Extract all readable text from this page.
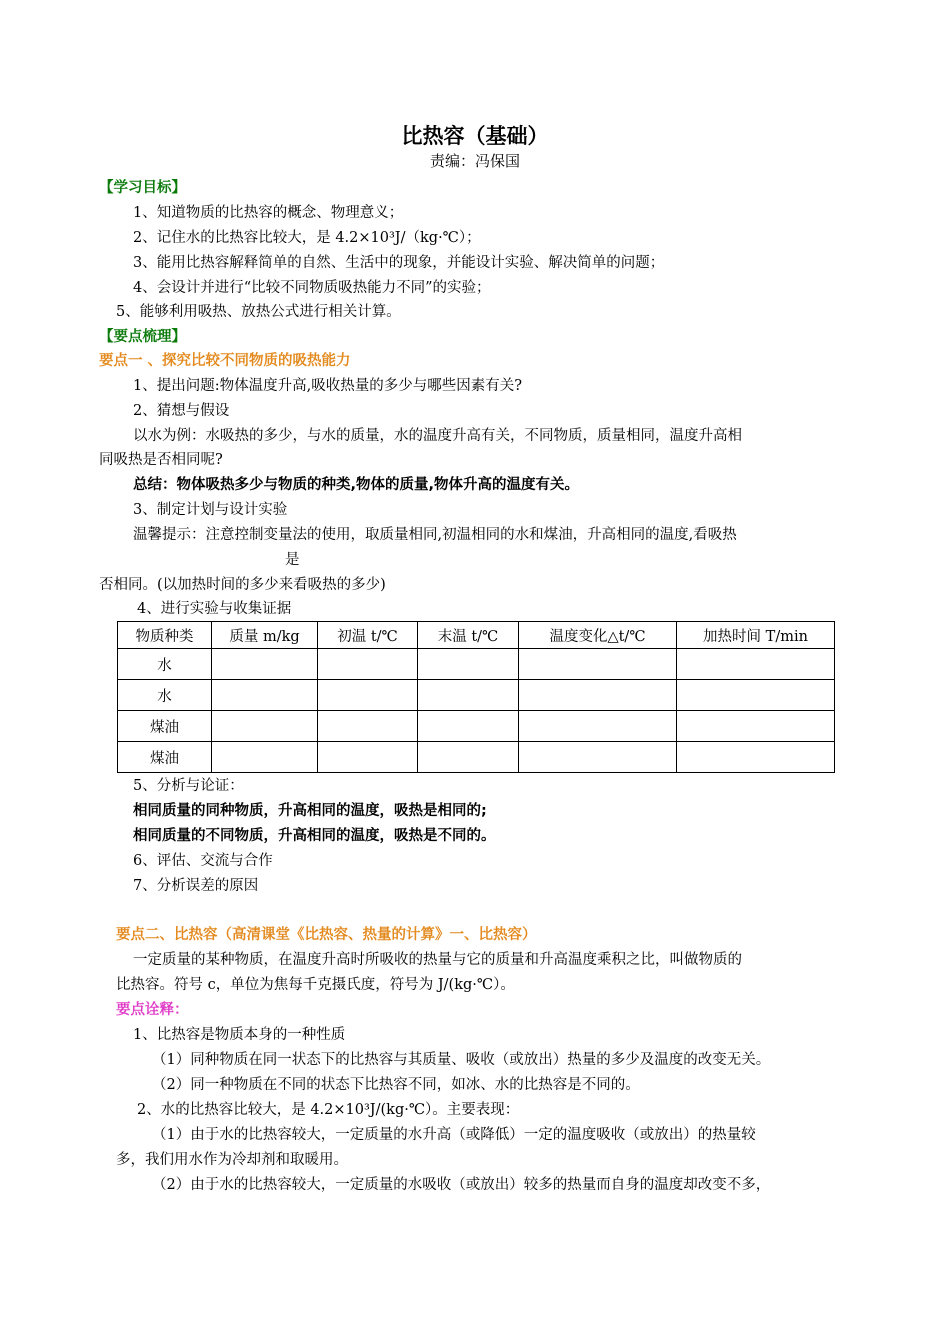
比热容（基础）
责编：冯保国
【学习目标】
1、知道物质的比热容的概念、物理意义；
2、记住水的比热容比较大，是 4.2×10³J/（kg·℃）；
3、能用比热容解释简单的自然、生活中的现象，并能设计实验、解决简单的问题；
4、会设计并进行“比较不同物质吸热能力不同”的实验；
5、能够利用吸热、放热公式进行相关计算。
【要点梳理】
要点一 、探究比较不同物质的吸热能力
1、提出问题:物体温度升高,吸收热量的多少与哪些因素有关?
2、猜想与假设
以水为例：水吸热的多少，与水的质量，水的温度升高有关，不同物质，质量相同，温度升高相
同吸热是否相同呢?
总结：物体吸热多少与物质的种类,物体的质量,物体升高的温度有关。
3、制定计划与设计实验
温馨提示：注意控制变量法的使用，取质量相同,初温相同的水和煤油，升高相同的温度,看吸热
是
否相同。(以加热时间的多少来看吸热的多少)
4、进行实验与收集证据
物质种类	质量 m/kg	初温 t/℃	末温 t/℃	温度变化△t/℃	加热时间 T/min
水					
水					
煤油					
煤油					
5、分析与论证：
相同质量的同种物质，升高相同的温度，吸热是相同的;
相同质量的不同物质，升高相同的温度，吸热是不同的。
6、评估、交流与合作
7、分析误差的原因
要点二、比热容（高清课堂《比热容、热量的计算》一、比热容）
一定质量的某种物质，在温度升高时所吸收的热量与它的质量和升高温度乘积之比，叫做物质的
比热容。符号 c，单位为焦每千克摄氏度，符号为 J/(kg·℃）。
要点诠释：
1、比热容是物质本身的一种性质
（1）同种物质在同一状态下的比热容与其质量、吸收（或放出）热量的多少及温度的改变无关。
（2）同一种物质在不同的状态下比热容不同，如冰、水的比热容是不同的。
2、水的比热容比较大，是 4.2×10³J/(kg·℃）。主要表现：
（1）由于水的比热容较大，一定质量的水升高（或降低）一定的温度吸收（或放出）的热量较
多，我们用水作为冷却剂和取暖用。
（2）由于水的比热容较大，一定质量的水吸收（或放出）较多的热量而自身的温度却改变不多，
